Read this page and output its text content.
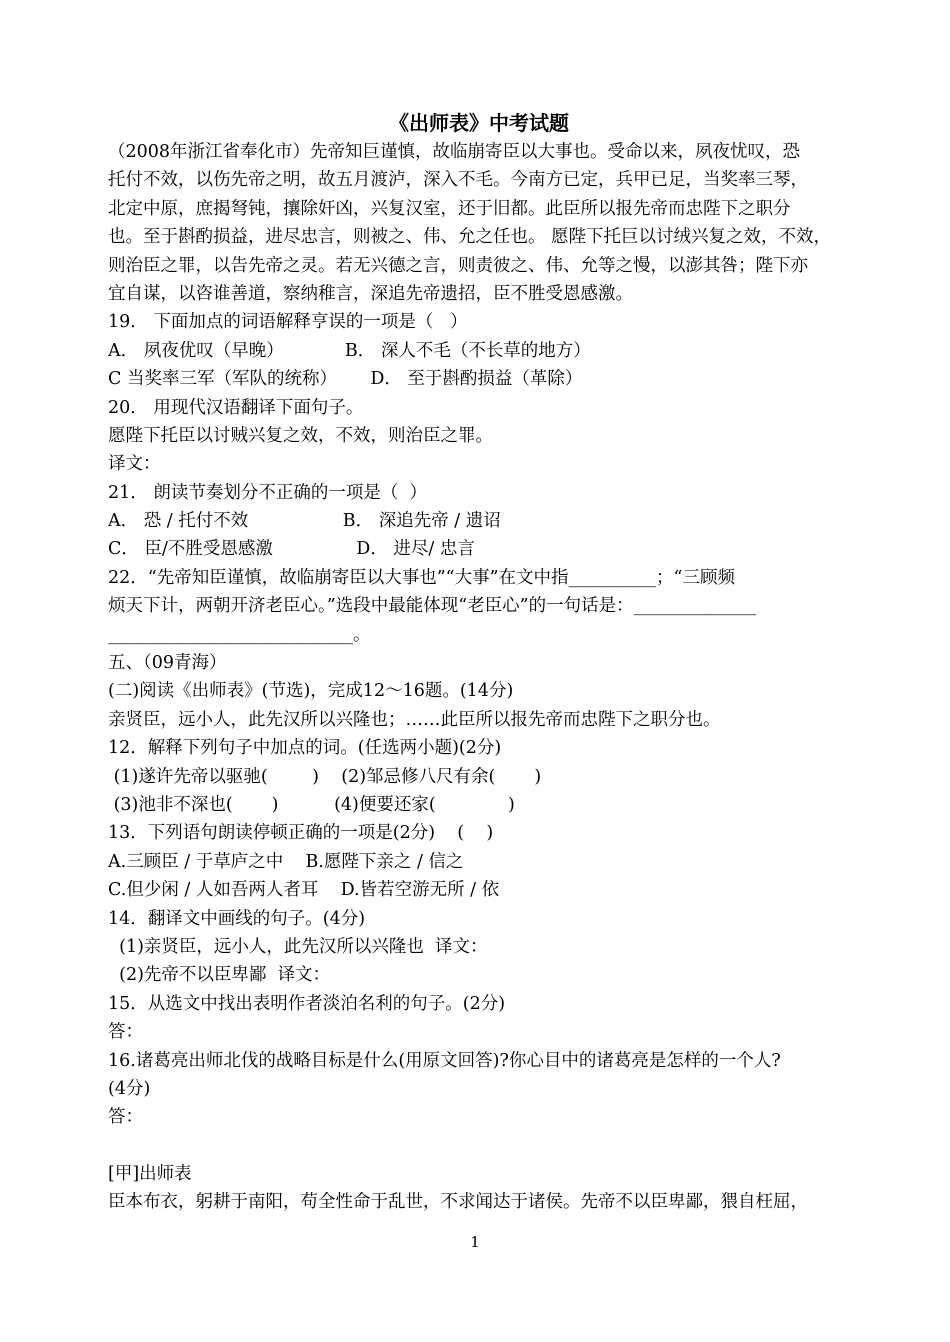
《出师表》中考试题
（2008年浙江省奉化市）先帝知巨谨慎，故临崩寄臣以大事也。受命以来，夙夜忧叹，恐
托付不效，以伤先帝之明，故五月渡泸，深入不毛。今南方已定，兵甲已足，当奖率三琴，
北定中原，庶揭弩钝，攘除奸凶，兴复汉室，还于旧都。此臣所以报先帝而忠陛下之职分
也。至于斟酌损益，进尽忠言，则被之、伟、允之任也。 愿陛下托巨以讨绒兴复之效，不效，
则治臣之罪，以告先帝之灵。若无兴德之言，则责彼之、伟、允等之慢，以澎其咎；陛下亦
宜自谋，以咨谁善道，察纳稚言，深追先帝遗招，臣不胜受恩感激。
19． 下面加点的词语解释亨误的一项是（   ）
A． 夙夜优叹（早晚）           B． 深人不毛（不长草的地方）
C 当奖率三军（军队的统称）      D． 至于斟酌损益（革除）
20． 用现代汉语翻译下面句子。
愿陛下托臣以讨贼兴复之效，不效，则治臣之罪。
译文：
21． 朗读节奏划分不正确的一项是（  ）
A． 恐 / 托付不效                 B． 深追先帝 / 遗诏
C． 臣/不胜受恩感激               D． 进尽/ 忠言
22．“先帝知臣谨慎，故临崩寄臣以大事也”“大事”在文中指__________；“三顾频
烦天下计，两朝开济老臣心。”选段中最能体现“老臣心”的一句话是：______________
____________________________。
五、（09青海）
(二)阅读《出师表》(节选)，完成12～16题。(14分)
亲贤臣，远小人，此先汉所以兴隆也；……此臣所以报先帝而忠陛下之职分也。
12．解释下列句子中加点的词。(任选两小题)(2分)
(1)遂许先帝以驱驰(        )    (2)邹忌修八尺有余(       )
(3)池非不深也(       )          (4)便要还家(             )
13．下列语句朗读停顿正确的一项是(2分)    (    )
A.三顾臣 / 于草庐之中    B.愿陛下亲之 / 信之
C.但少闲 / 人如吾两人者耳    D.皆若空游无所 / 依
14．翻译文中画线的句子。(4分)
(1)亲贤臣，远小人，此先汉所以兴隆也  译文：
(2)先帝不以臣卑鄙  译文：
15．从选文中找出表明作者淡泊名利的句子。(2分)
答：
16.诸葛亮出师北伐的战略目标是什么(用原文回答)?你心目中的诸葛亮是怎样的一个人?
(4分)
答：
[甲]出师表
臣本布衣，躬耕于南阳，苟全性命于乱世，不求闻达于诸侯。先帝不以臣卑鄙，猥自枉屈，
1
